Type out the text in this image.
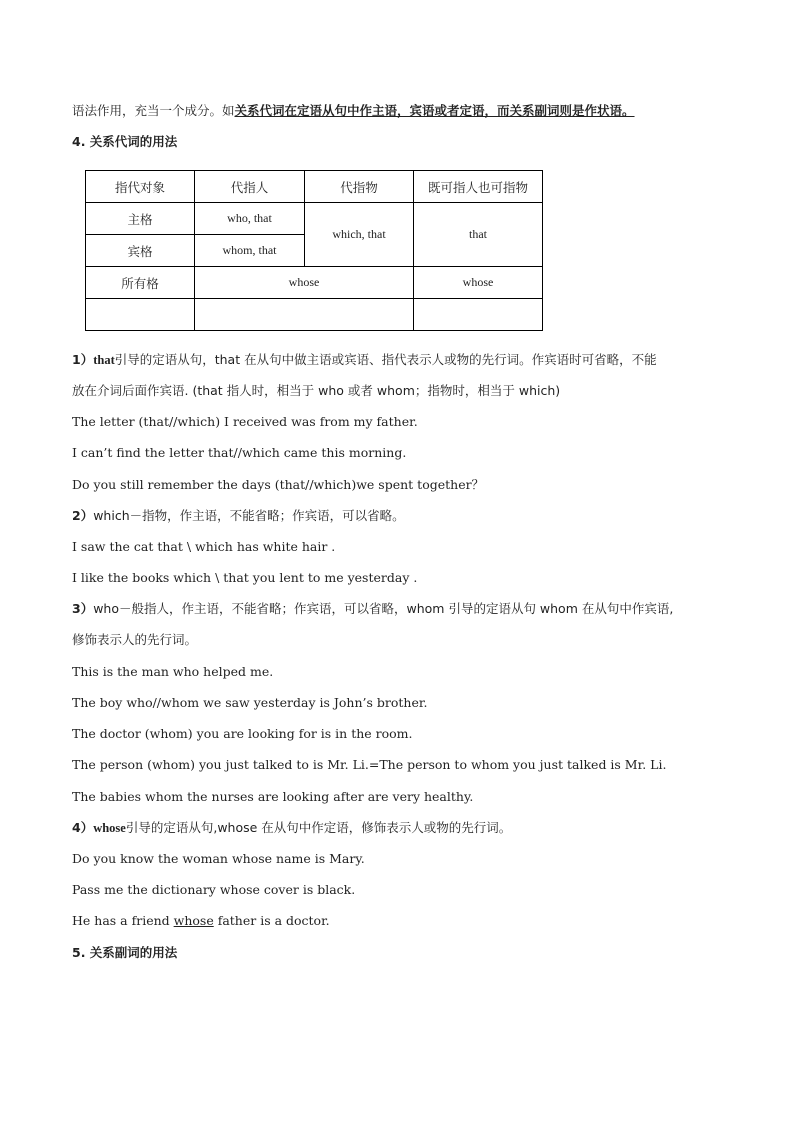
语法作用，充当一个成分。如关系代词在定语从句中作主语，宾语或者定语，而关系副词则是作状语。
4. 关系代词的用法
指代对象	代指人	代指物	既可指人也可指物
主格	who, that	which, that	that
宾格	whom, that		
所有格	whose		whose

1）that引导的定语从句，that 在从句中做主语或宾语、指代表示人或物的先行词。作宾语时可省略，不能
放在介词后面作宾语. (that 指人时，相当于 who 或者 whom；指物时，相当于 which)
The letter (that//which) I received was from my father.
I can’t find the letter that//which came this morning.
Do you still remember the days (that//which)we spent together？
2）which－指物，作主语，不能省略；作宾语，可以省略。
I saw the cat that \ which has white hair .
I like the books which \ that you lent to me yesterday .
3）who－般指人，作主语，不能省略；作宾语，可以省略，whom 引导的定语从句 whom 在从句中作宾语,
修饰表示人的先行词。
This is the man who helped me.
The boy who//whom we saw yesterday is John’s brother.
The doctor (whom) you are looking for is in the room.
The person (whom) you just talked to is Mr. Li.=The person to whom you just talked is Mr. Li.
The babies whom the nurses are looking after are very healthy.
4）whose引导的定语从句,whose 在从句中作定语，修饰表示人或物的先行词。
Do you know the woman whose name is Mary.
Pass me the dictionary whose cover is black.
He has a friend whose father is a doctor.
5. 关系副词的用法
